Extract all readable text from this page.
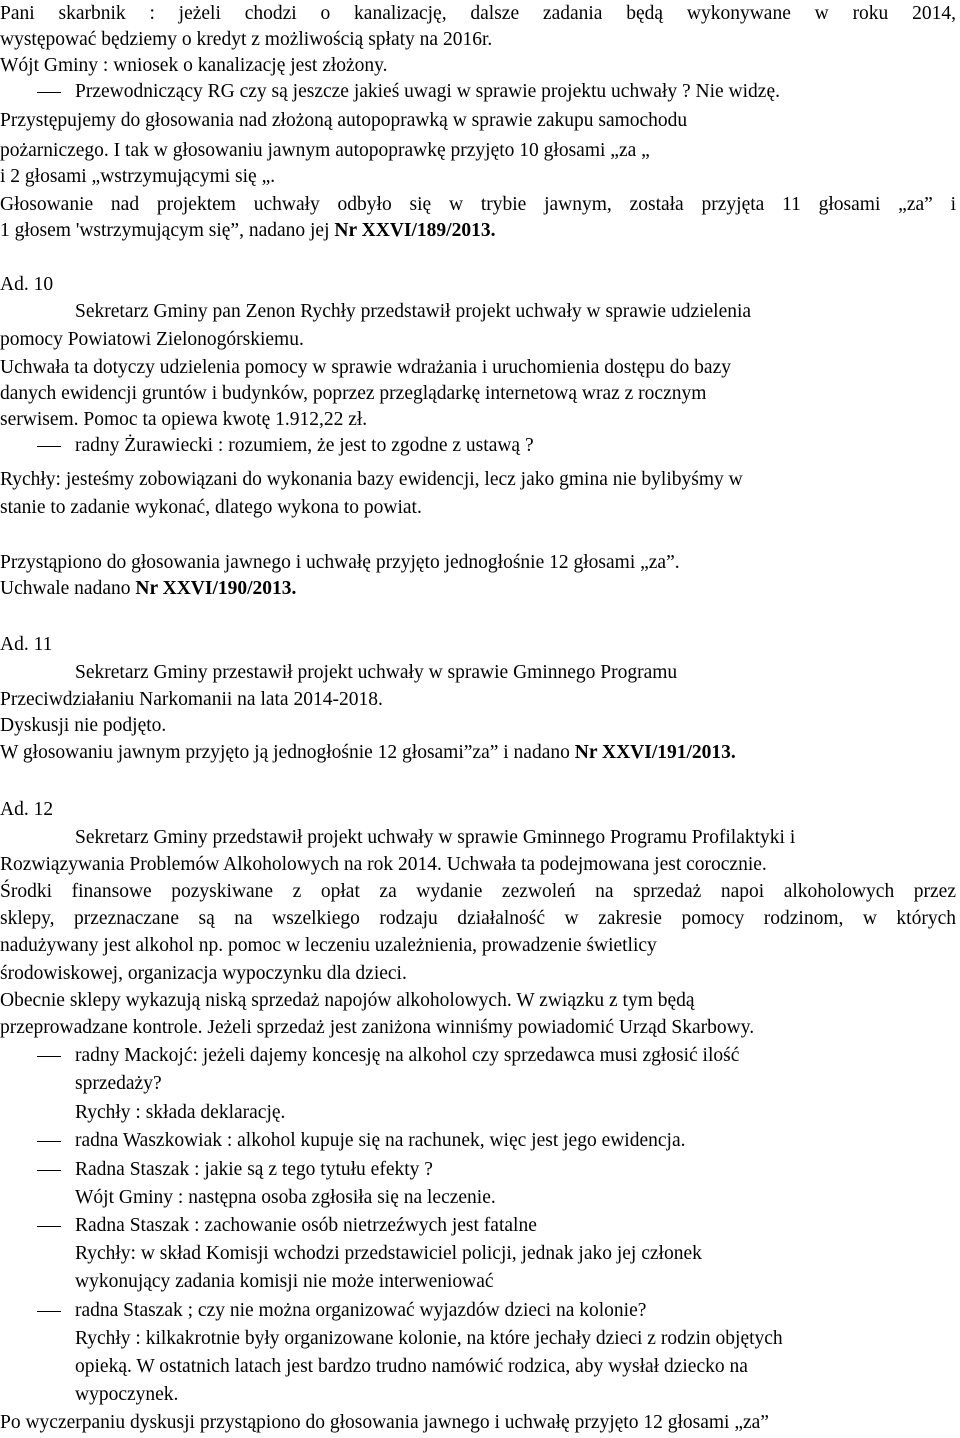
Pani skarbnik : jeżeli chodzi o kanalizację, dalsze zadania będą wykonywane w roku 2014,
występować będziemy o kredyt z możliwością spłaty na 2016r.
Wójt Gminy : wniosek o kanalizację jest złożony.
Przewodniczący RG czy są jeszcze jakieś uwagi w sprawie projektu uchwały ? Nie widzę.
Przystępujemy do głosowania nad złożoną autopoprawką w sprawie zakupu samochodu
pożarniczego. I tak w głosowaniu jawnym autopoprawkę przyjęto 10 głosami „za „
i 2 głosami „wstrzymującymi się „.
Głosowanie nad projektem uchwały odbyło się w trybie jawnym, została przyjęta 11 głosami „za” i
1 głosem 'wstrzymującym się”, nadano jej Nr XXVI/189/2013.
Ad. 10
Sekretarz Gminy pan Zenon Rychły przedstawił projekt uchwały w sprawie udzielenia
pomocy Powiatowi Zielonogórskiemu.
Uchwała ta dotyczy udzielenia pomocy w sprawie wdrażania i uruchomienia dostępu do bazy
danych ewidencji gruntów i budynków, poprzez przeglądarkę internetową wraz z rocznym
serwisem. Pomoc ta opiewa kwotę 1.912,22 zł.
radny Żurawiecki : rozumiem, że jest to zgodne z ustawą ?
Rychły: jesteśmy zobowiązani do wykonania bazy ewidencji, lecz jako gmina nie bylibyśmy w
stanie to zadanie wykonać, dlatego wykona to powiat.
Przystąpiono do głosowania jawnego i uchwałę przyjęto jednogłośnie 12 głosami „za”.
Uchwale nadano Nr XXVI/190/2013.
Ad. 11
Sekretarz Gminy przestawił projekt uchwały w sprawie Gminnego Programu
Przeciwdziałaniu Narkomanii na lata 2014-2018.
Dyskusji nie podjęto.
W głosowaniu jawnym przyjęto ją jednogłośnie 12 głosami”za” i nadano Nr XXVI/191/2013.
Ad. 12
Sekretarz Gminy przedstawił projekt uchwały w sprawie Gminnego Programu Profilaktyki i
Rozwiązywania Problemów Alkoholowych na rok 2014. Uchwała ta podejmowana jest corocznie.
Środki finansowe pozyskiwane z opłat za wydanie zezwoleń na sprzedaż napoi alkoholowych przez
sklepy, przeznaczane są na wszelkiego rodzaju działalność w zakresie pomocy rodzinom, w których
nadużywany jest alkohol np. pomoc w leczeniu uzależnienia, prowadzenie świetlicy
środowiskowej, organizacja wypoczynku dla dzieci.
Obecnie sklepy wykazują niską sprzedaż napojów alkoholowych. W związku z tym będą
przeprowadzane kontrole. Jeżeli sprzedaż jest zaniżona winniśmy powiadomić Urząd Skarbowy.
radny Mackojć: jeżeli dajemy koncesję na alkohol czy sprzedawca musi zgłosić ilość
sprzedaży?
Rychły : składa deklarację.
radna Waszkowiak : alkohol kupuje się na rachunek, więc jest jego ewidencja.
Radna Staszak : jakie są z tego tytułu efekty ?
Wójt Gminy : następna osoba zgłosiła się na leczenie.
Radna Staszak : zachowanie osób nietrzeźwych jest fatalne
Rychły: w skład Komisji wchodzi przedstawiciel policji, jednak jako jej członek
wykonujący zadania komisji nie może interweniować
radna Staszak ; czy nie można organizować wyjazdów dzieci na kolonie?
Rychły : kilkakrotnie były organizowane kolonie, na które jechały dzieci z rodzin objętych
opieką. W ostatnich latach jest bardzo trudno namówić rodzica, aby wysłał dziecko na
wypoczynek.
Po wyczerpaniu dyskusji przystąpiono do głosowania jawnego i uchwałę przyjęto 12 głosami „za”
